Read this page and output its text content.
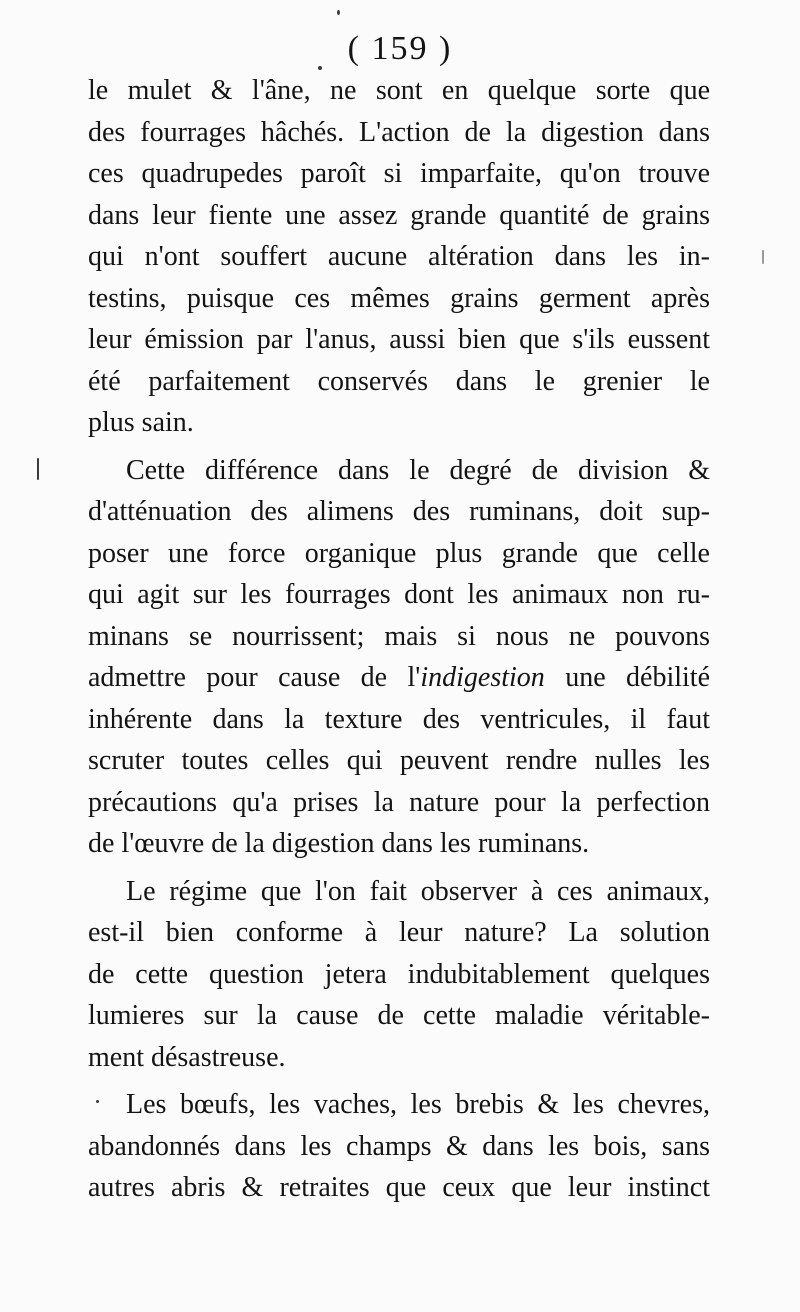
( 159 )
le mulet & l'âne, ne sont en quelque sorte que
des fourrages hâchés. L'action de la digestion dans
ces quadrupedes paroît si imparfaite, qu'on trouve
dans leur fiente une assez grande quantité de grains
qui n'ont souffert aucune altération dans les in-
testins, puisque ces mêmes grains germent après
leur émission par l'anus, aussi bien que s'ils eussent
été parfaitement conservés dans le grenier le
plus sain.
Cette différence dans le degré de division &
d'atténuation des alimens des ruminans, doit sup-
poser une force organique plus grande que celle
qui agit sur les fourrages dont les animaux non ru-
minans se nourrissent; mais si nous ne pouvons
admettre pour cause de l'indigestion une débilité
inhérente dans la texture des ventricules, il faut
scruter toutes celles qui peuvent rendre nulles les
précautions qu'a prises la nature pour la perfection
de l'œuvre de la digestion dans les ruminans.
Le régime que l'on fait observer à ces animaux,
est-il bien conforme à leur nature? La solution
de cette question jetera indubitablement quelques
lumieres sur la cause de cette maladie véritable-
ment désastreuse.
Les bœufs, les vaches, les brebis & les chevres,
abandonnés dans les champs & dans les bois, sans
autres abris & retraites que ceux que leur instinct
